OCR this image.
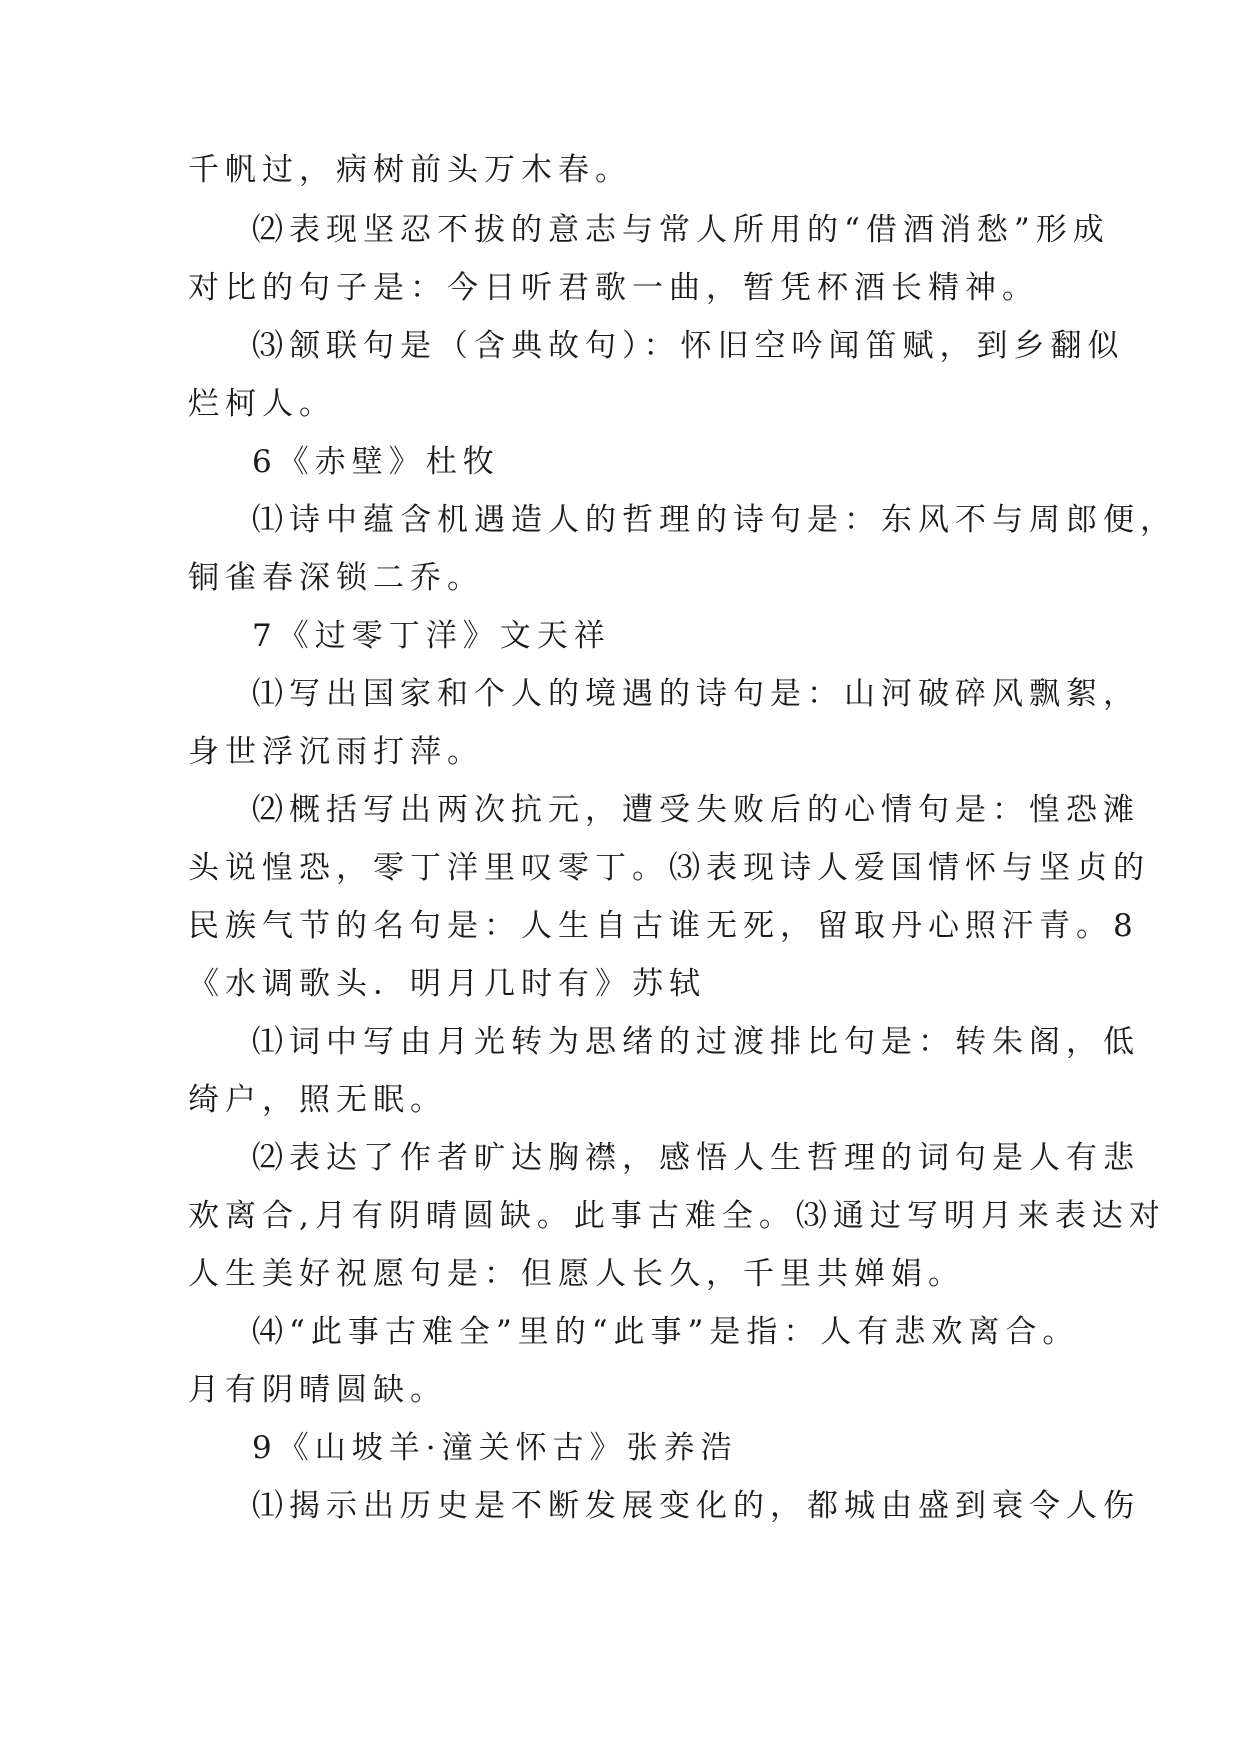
千帆过，病树前头万木春。
⑵表现坚忍不拔的意志与常人所用的“借酒消愁”形成
对比的句子是：今日听君歌一曲，暂凭杯酒长精神。
⑶颔联句是（含典故句）：怀旧空吟闻笛赋，到乡翻似
烂柯人。
6《赤壁》杜牧
⑴诗中蕴含机遇造人的哲理的诗句是：东风不与周郎便，
铜雀春深锁二乔。
7《过零丁洋》文天祥
⑴写出国家和个人的境遇的诗句是：山河破碎风飘絮，
身世浮沉雨打萍。
⑵概括写出两次抗元，遭受失败后的心情句是：惶恐滩
头说惶恐，零丁洋里叹零丁。⑶表现诗人爱国情怀与坚贞的
民族气节的名句是：人生自古谁无死，留取丹心照汗青。8
《水调歌头．明月几时有》苏轼
⑴词中写由月光转为思绪的过渡排比句是：转朱阁，低
绮户，照无眠。
⑵表达了作者旷达胸襟，感悟人生哲理的词句是人有悲
欢离合,月有阴晴圆缺。此事古难全。⑶通过写明月来表达对
人生美好祝愿句是：但愿人长久，千里共婵娟。
⑷“此事古难全”里的“此事”是指：人有悲欢离合。
月有阴晴圆缺。
9《山坡羊·潼关怀古》张养浩
⑴揭示出历史是不断发展变化的，都城由盛到衰令人伤
